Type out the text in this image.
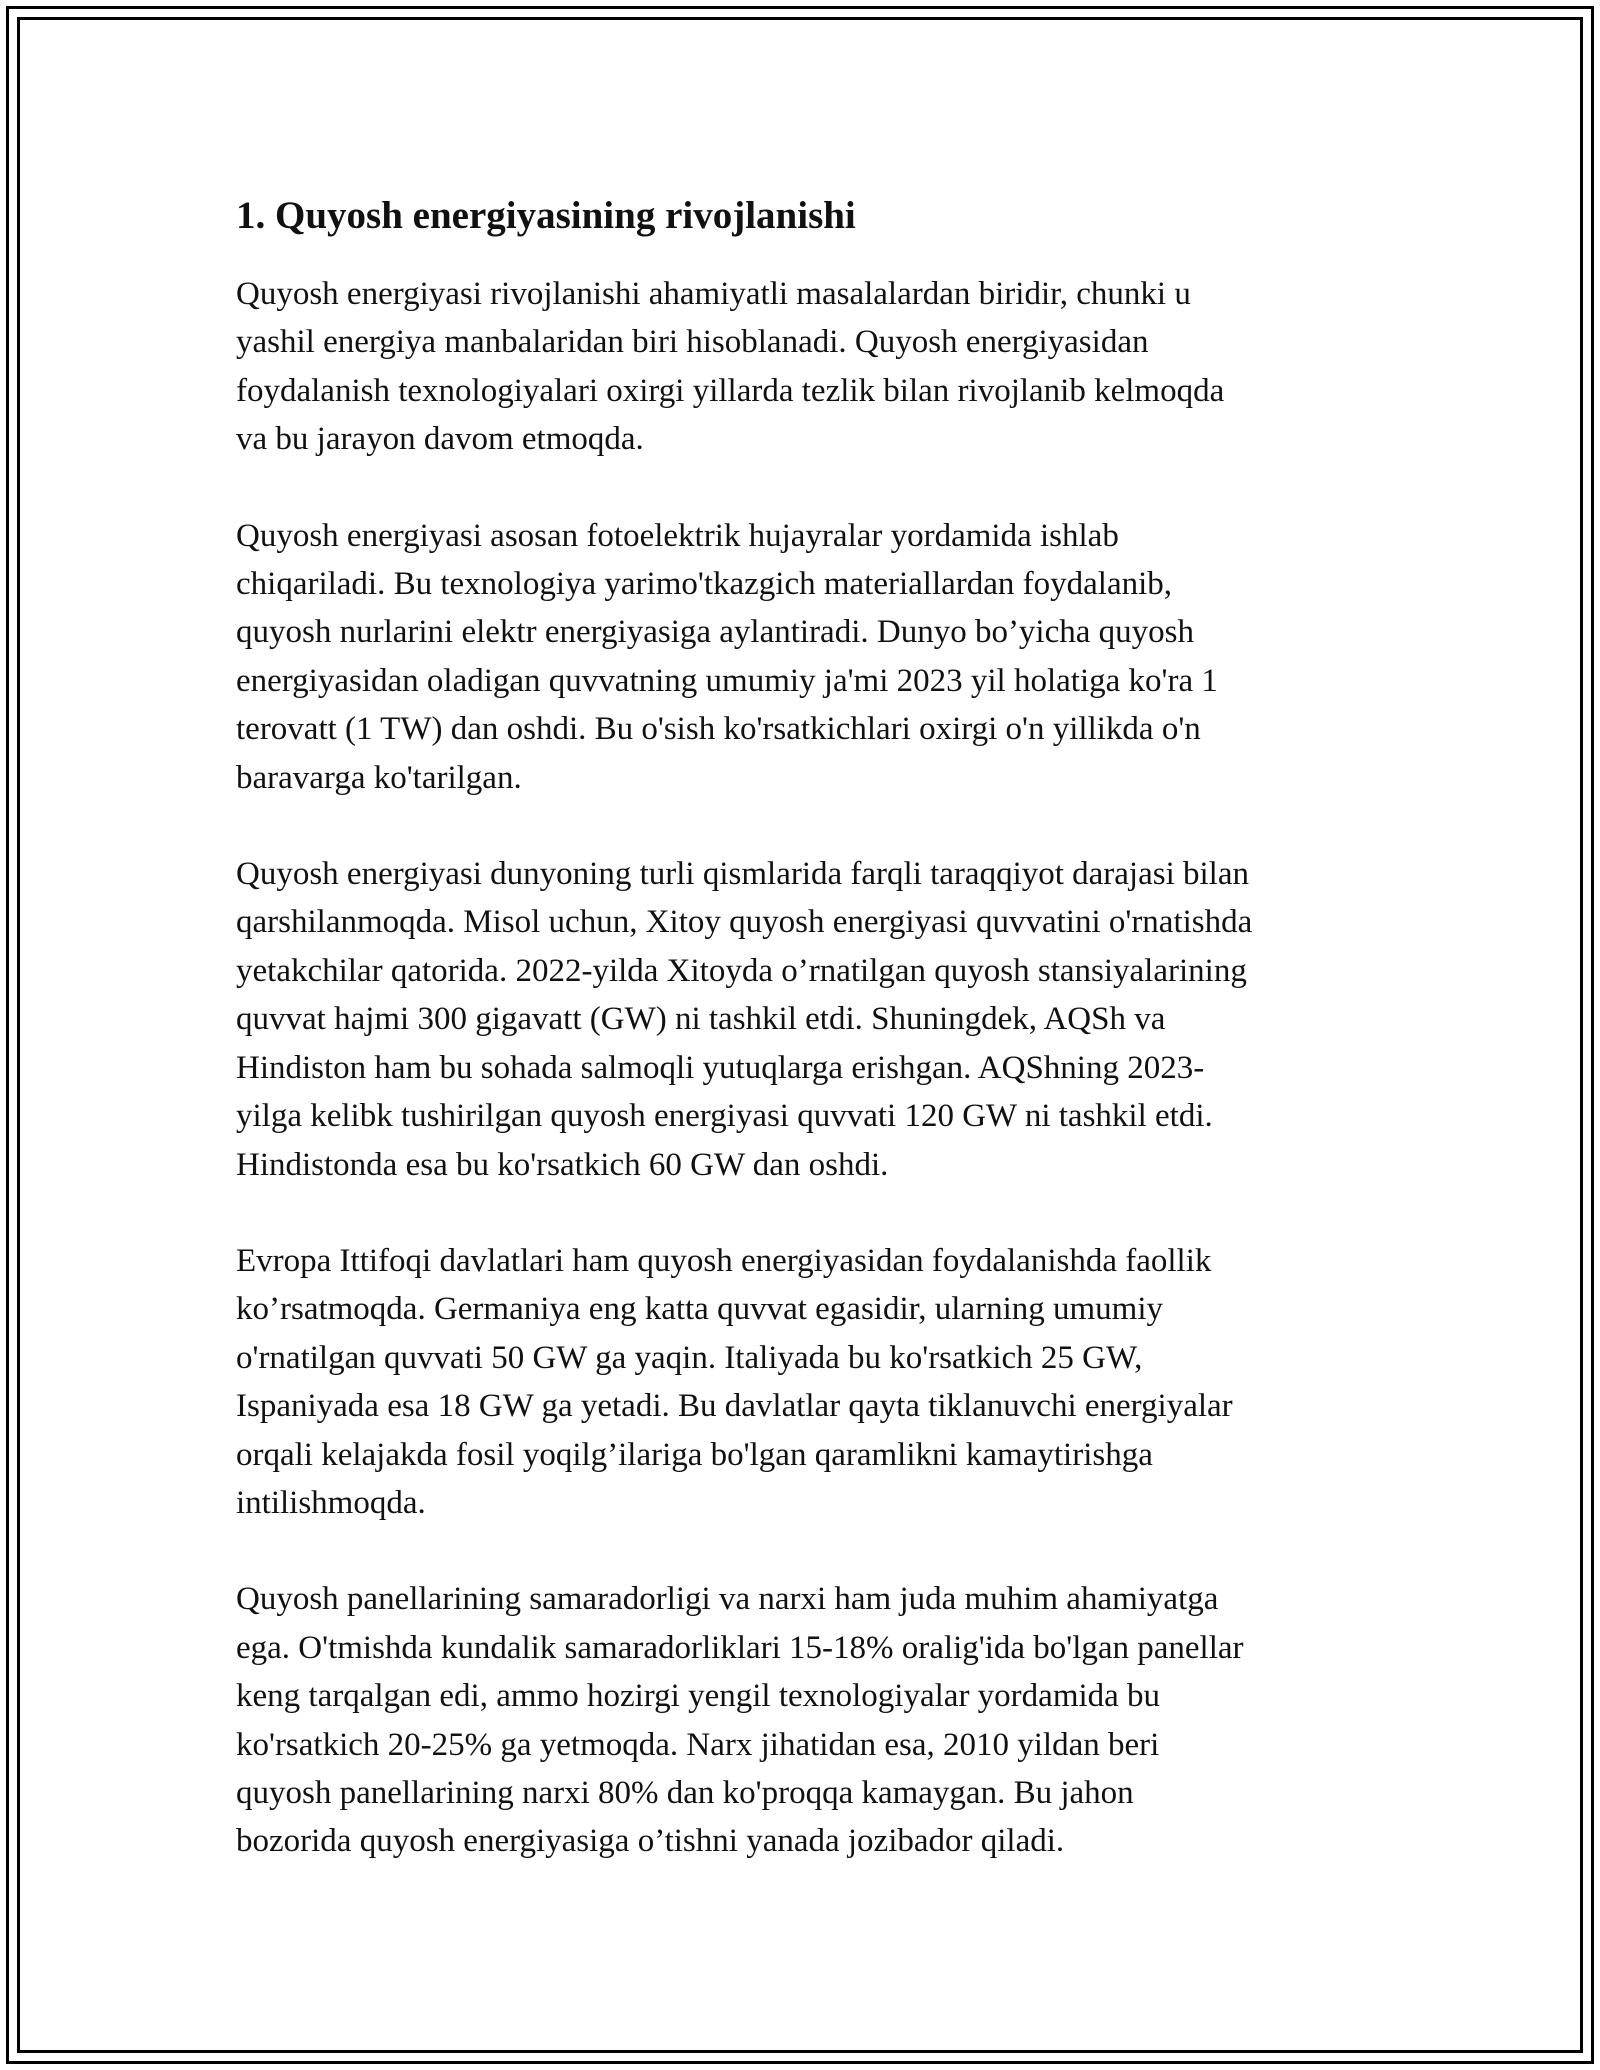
1. Quyosh energiyasining rivojlanishi

Quyosh energiyasi rivojlanishi ahamiyatli masalalardan biridir, chunki u
yashil energiya manbalaridan biri hisoblanadi. Quyosh energiyasidan
foydalanish texnologiyalari oxirgi yillarda tezlik bilan rivojlanib kelmoqda
va bu jarayon davom etmoqda.

Quyosh energiyasi asosan fotoelektrik hujayralar yordamida ishlab
chiqariladi. Bu texnologiya yarimo'tkazgich materiallardan foydalanib,
quyosh nurlarini elektr energiyasiga aylantiradi. Dunyo bo’yicha quyosh
energiyasidan oladigan quvvatning umumiy ja'mi 2023 yil holatiga ko'ra 1
terovatt (1 TW) dan oshdi. Bu o'sish ko'rsatkichlari oxirgi o'n yillikda o'n
baravarga ko'tarilgan.

Quyosh energiyasi dunyoning turli qismlarida farqli taraqqiyot darajasi bilan
qarshilanmoqda. Misol uchun, Xitoy quyosh energiyasi quvvatini o'rnatishda
yetakchilar qatorida. 2022-yilda Xitoyda o’rnatilgan quyosh stansiyalarining
quvvat hajmi 300 gigavatt (GW) ni tashkil etdi. Shuningdek, AQSh va
Hindiston ham bu sohada salmoqli yutuqlarga erishgan. AQShning 2023-
yilga kelibk tushirilgan quyosh energiyasi quvvati 120 GW ni tashkil etdi.
Hindistonda esa bu ko'rsatkich 60 GW dan oshdi.

Evropa Ittifoqi davlatlari ham quyosh energiyasidan foydalanishda faollik
ko’rsatmoqda. Germaniya eng katta quvvat egasidir, ularning umumiy
o'rnatilgan quvvati 50 GW ga yaqin. Italiyada bu ko'rsatkich 25 GW,
Ispaniyada esa 18 GW ga yetadi. Bu davlatlar qayta tiklanuvchi energiyalar
orqali kelajakda fosil yoqilg’ilariga bo'lgan qaramlikni kamaytirishga
intilishmoqda.

Quyosh panellarining samaradorligi va narxi ham juda muhim ahamiyatga
ega. O'tmishda kundalik samaradorliklari 15-18% oralig'ida bo'lgan panellar
keng tarqalgan edi, ammo hozirgi yengil texnologiyalar yordamida bu
ko'rsatkich 20-25% ga yetmoqda. Narx jihatidan esa, 2010 yildan beri
quyosh panellarining narxi 80% dan ko'proqqa kamaygan. Bu jahon
bozorida quyosh energiyasiga o’tishni yanada jozibador qiladi.
